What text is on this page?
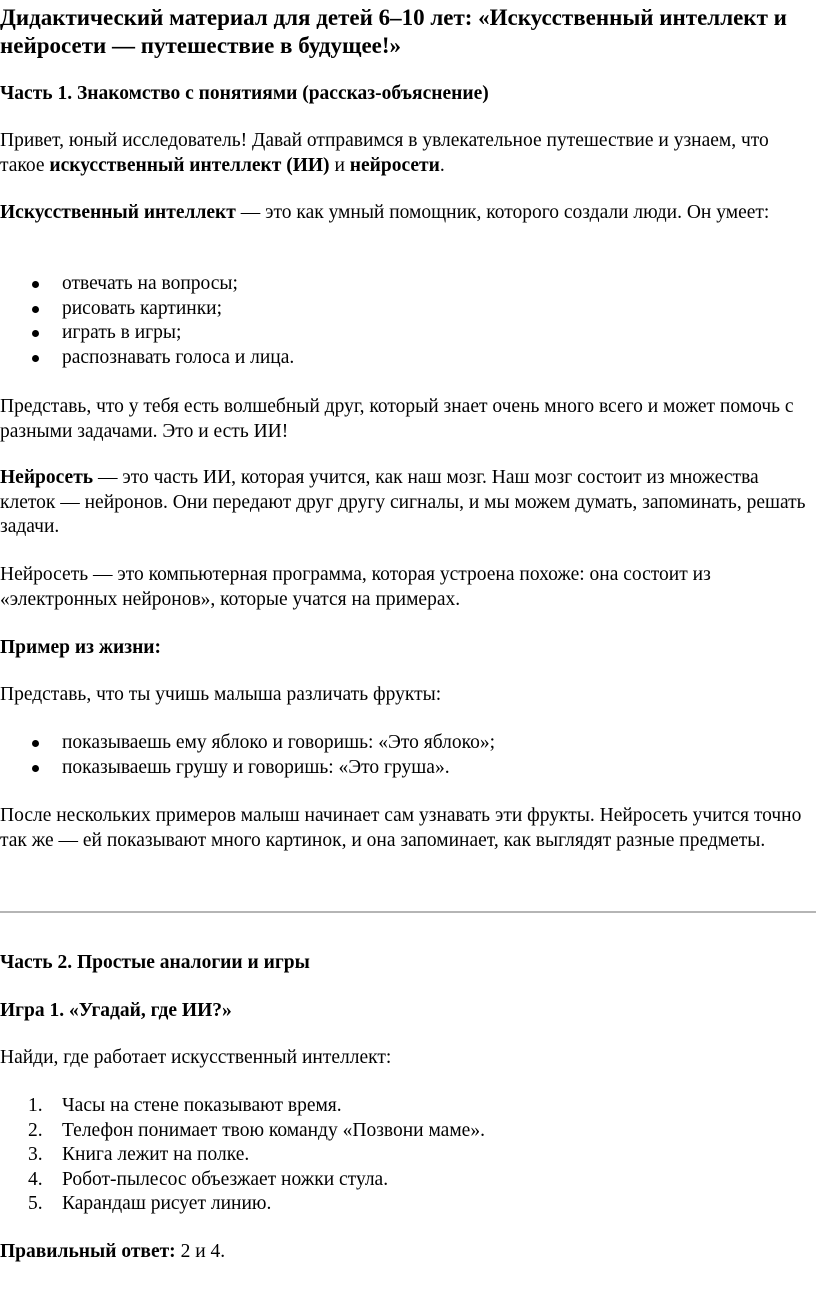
Дидактический материал для детей 6–10 лет: «Искусственный интеллект и нейросети — путешествие в будущее!»

Часть 1. Знакомство с понятиями (рассказ-объяснение)

Привет, юный исследователь! Давай отправимся в увлекательное путешествие и узнаем, что такое искусственный интеллект (ИИ) и нейросети.

Искусственный интеллект — это как умный помощник, которого создали люди. Он умеет:

отвечать на вопросы;
рисовать картинки;
играть в игры;
распознавать голоса и лица.

Представь, что у тебя есть волшебный друг, который знает очень много всего и может помочь с разными задачами. Это и есть ИИ!

Нейросеть — это часть ИИ, которая учится, как наш мозг. Наш мозг состоит из множества клеток — нейронов. Они передают друг другу сигналы, и мы можем думать, запоминать, решать задачи.

Нейросеть — это компьютерная программа, которая устроена похоже: она состоит из «электронных нейронов», которые учатся на примерах.

Пример из жизни:

Представь, что ты учишь малыша различать фрукты:

показываешь ему яблоко и говоришь: «Это яблоко»;
показываешь грушу и говоришь: «Это груша».

После нескольких примеров малыш начинает сам узнавать эти фрукты. Нейросеть учится точно так же — ей показывают много картинок, и она запоминает, как выглядят разные предметы.

Часть 2. Простые аналогии и игры

Игра 1. «Угадай, где ИИ?»

Найди, где работает искусственный интеллект:

1. Часы на стене показывают время.
2. Телефон понимает твою команду «Позвони маме».
3. Книга лежит на полке.
4. Робот-пылесос объезжает ножки стула.
5. Карандаш рисует линию.

Правильный ответ: 2 и 4.
